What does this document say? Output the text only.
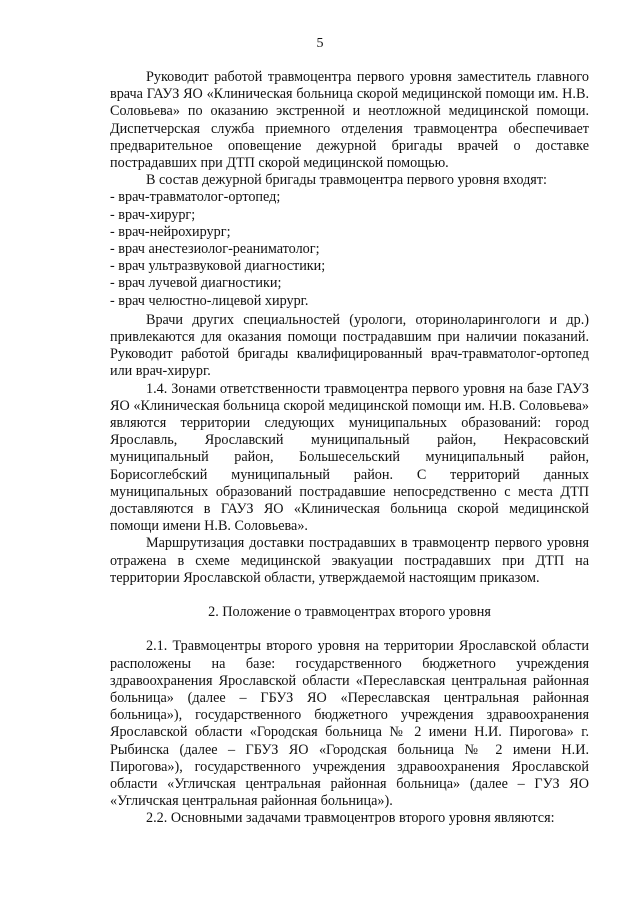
5

Руководит работой травмоцентра первого уровня заместитель главного врача ГАУЗ ЯО «Клиническая больница скорой медицинской помощи им. Н.В. Соловьева» по оказанию экстренной и неотложной медицинской помощи. Диспетчерская служба приемного отделения травмоцентра обеспечивает предварительное оповещение дежурной бригады врачей о доставке пострадавших при ДТП скорой медицинской помощью.

В состав дежурной бригады травмоцентра первого уровня входят:

- врач-травматолог-ортопед;
- врач-хирург;
- врач-нейрохирург;
- врач анестезиолог-реаниматолог;
- врач ультразвуковой диагностики;
- врач лучевой диагностики;
- врач челюстно-лицевой хирург.

Врачи других специальностей (урологи, оториноларингологи и др.) привлекаются для оказания помощи пострадавшим при наличии показаний. Руководит работой бригады квалифицированный врач-травматолог-ортопед или врач-хирург.

1.4. Зонами ответственности травмоцентра первого уровня на базе ГАУЗ ЯО «Клиническая больница скорой медицинской помощи им. Н.В. Соловьева» являются территории следующих муниципальных образований: город Ярославль, Ярославский муниципальный район, Некрасовский муниципальный район, Большесельский муниципальный район, Борисоглебский муниципальный район. С территорий данных муниципальных образований пострадавшие непосредственно с места ДТП доставляются в ГАУЗ ЯО «Клиническая больница скорой медицинской помощи имени Н.В. Соловьева».

Маршрутизация доставки пострадавших в травмоцентр первого уровня отражена в схеме медицинской эвакуации пострадавших при ДТП на территории Ярославской области, утверждаемой настоящим приказом.

2. Положение о травмоцентрах второго уровня

2.1. Травмоцентры второго уровня на территории Ярославской области расположены на базе: государственного бюджетного учреждения здравоохранения Ярославской области «Переславская центральная районная больница» (далее – ГБУЗ ЯО «Переславская центральная районная больница»), государственного бюджетного учреждения здравоохранения Ярославской области «Городская больница № 2 имени Н.И. Пирогова» г. Рыбинска (далее – ГБУЗ ЯО «Городская больница № 2 имени Н.И. Пирогова»), государственного учреждения здравоохранения Ярославской области «Угличская центральная районная больница» (далее – ГУЗ ЯО «Угличская центральная районная больница»).

2.2. Основными задачами травмоцентров второго уровня являются:
